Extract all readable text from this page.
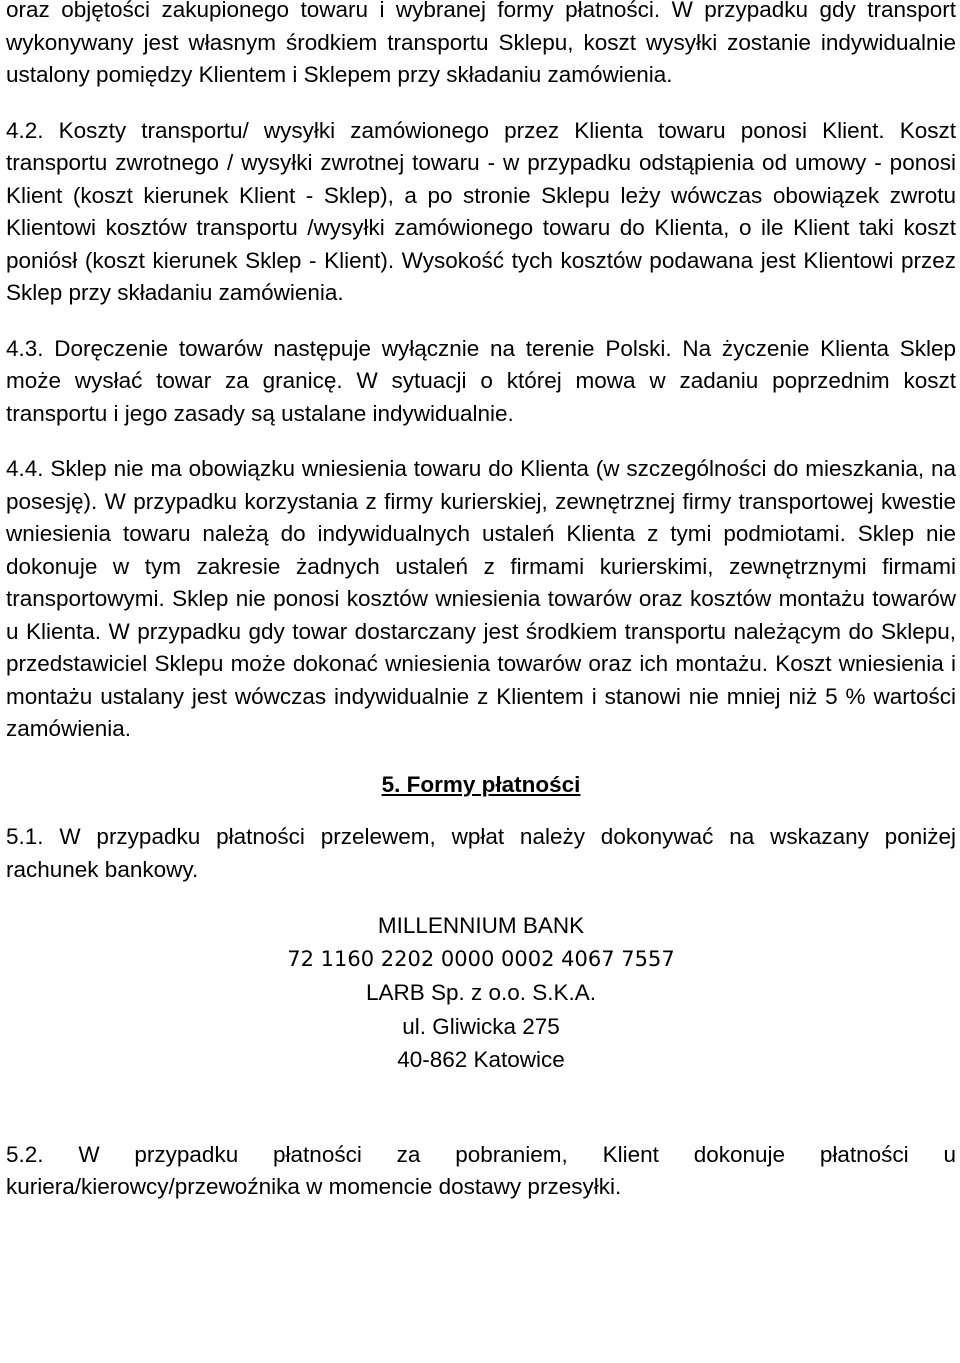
oraz objętości zakupionego towaru i wybranej formy płatności. W przypadku gdy transport wykonywany jest własnym środkiem transportu Sklepu, koszt wysyłki zostanie indywidualnie ustalony pomiędzy Klientem i Sklepem przy składaniu zamówienia.

4.2. Koszty transportu/ wysyłki zamówionego przez Klienta towaru ponosi Klient. Koszt transportu zwrotnego / wysyłki zwrotnej towaru - w przypadku odstąpienia od umowy - ponosi Klient (koszt kierunek Klient - Sklep), a po stronie Sklepu leży wówczas obowiązek zwrotu Klientowi kosztów transportu /wysyłki zamówionego towaru do Klienta, o ile Klient taki koszt poniósł (koszt kierunek Sklep - Klient). Wysokość tych kosztów podawana jest Klientowi przez Sklep przy składaniu zamówienia.

4.3. Doręczenie towarów następuje wyłącznie na terenie Polski. Na życzenie Klienta Sklep może wysłać towar za granicę. W sytuacji o której mowa w zadaniu poprzednim koszt transportu i jego zasady są ustalane indywidualnie.

4.4. Sklep nie ma obowiązku wniesienia towaru do Klienta (w szczególności do mieszkania, na posesję). W przypadku korzystania z firmy kurierskiej, zewnętrznej firmy transportowej kwestie wniesienia towaru należą do indywidualnych ustaleń Klienta z tymi podmiotami. Sklep nie dokonuje w tym zakresie żadnych ustaleń z firmami kurierskimi, zewnętrznymi firmami transportowymi. Sklep nie ponosi kosztów wniesienia towarów oraz kosztów montażu towarów u Klienta. W przypadku gdy towar dostarczany jest środkiem transportu należącym do Sklepu, przedstawiciel Sklepu może dokonać wniesienia towarów oraz ich montażu. Koszt wniesienia i montażu ustalany jest wówczas indywidualnie z Klientem i stanowi nie mniej niż 5 % wartości zamówienia.

5. Formy płatności

5.1. W przypadku płatności przelewem, wpłat należy dokonywać na wskazany poniżej rachunek bankowy.

MILLENNIUM BANK
72 1160 2202 0000 0002 4067 7557
LARB Sp. z o.o. S.K.A.
ul. Gliwicka 275
40-862 Katowice

5.2. W przypadku płatności za pobraniem, Klient dokonuje płatności u kuriera/kierowcy/przewoźnika w momencie dostawy przesyłki.
